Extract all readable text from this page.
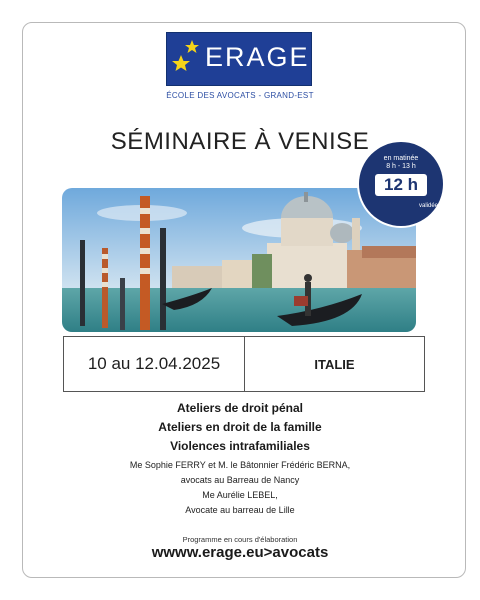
ERAGE
ÉCOLE DES AVOCATS - GRAND-EST
SÉMINAIRE À VENISE
en matinée
8 h - 13 h
12 h
validées
10 au 12.04.2025	ITALIE
Ateliers de droit pénal
Ateliers en droit de la famille
Violences intrafamiliales
Me Sophie FERRY et M. le Bâtonnier Frédéric BERNA,
avocats au Barreau de Nancy
Me Aurélie LEBEL,
Avocate au barreau de Lille
Programme en cours d'élaboration
wwww.erage.eu>avocats
